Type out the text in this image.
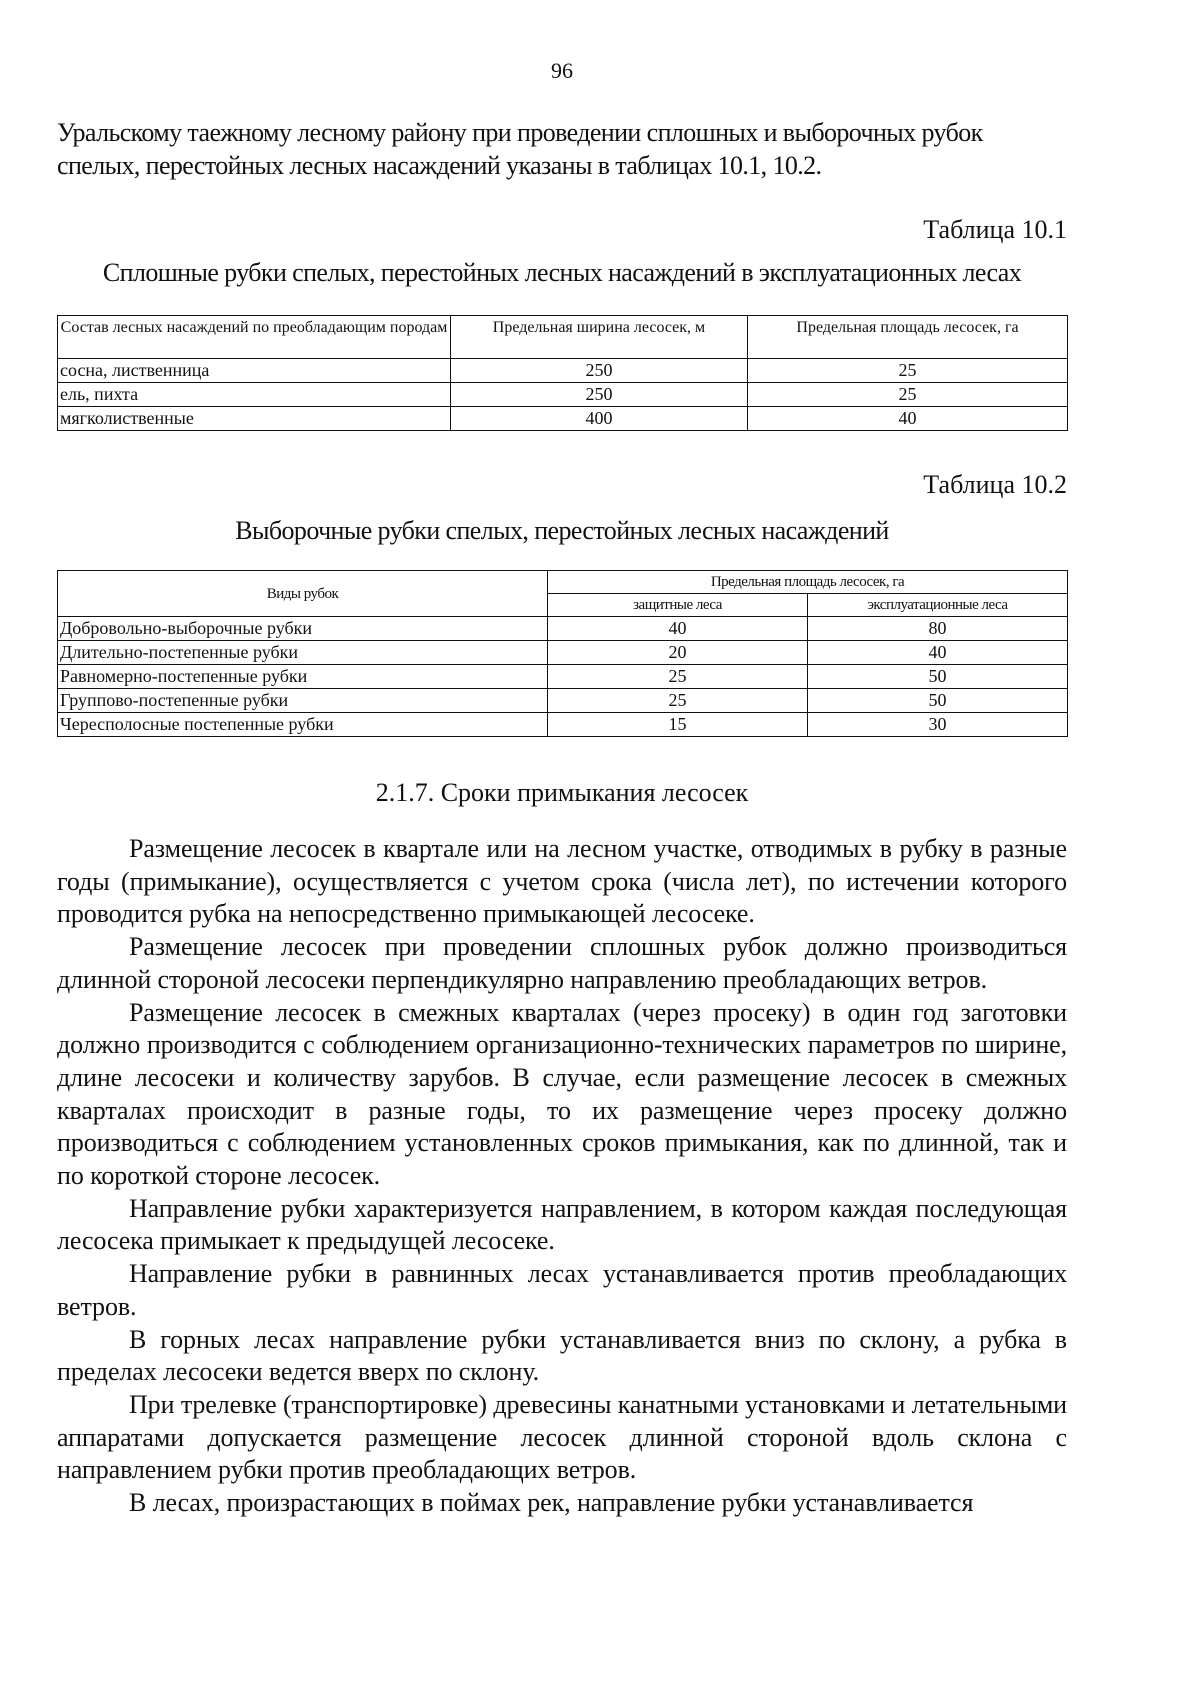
96

Уральскому таежному лесному району при проведении сплошных и выборочных рубок спелых, перестойных лесных насаждений указаны в таблицах 10.1, 10.2.

Таблица 10.1

Сплошные рубки спелых, перестойных лесных насаждений в эксплуатационных лесах

Состав лесных насаждений по преобладающим породам	Предельная ширина лесосек, м	Предельная площадь лесосек, га
сосна, лиственница	250	25
ель, пихта	250	25
мягколиственные	400	40

Таблица 10.2

Выборочные рубки спелых, перестойных лесных насаждений

Виды рубок	Предельная площадь лесосек, га	
	защитные леса	эксплуатационные леса
Добровольно-выборочные рубки	40	80
Длительно-постепенные рубки	20	40
Равномерно-постепенные рубки	25	50
Группово-постепенные рубки	25	50
Чересполосные постепенные рубки	15	30

2.1.7. Сроки примыкания лесосек

Размещение лесосек в квартале или на лесном участке, отводимых в рубку в разные годы (примыкание), осуществляется с учетом срока (числа лет), по истечении которого проводится рубка на непосредственно примыкающей лесосеке.

Размещение лесосек при проведении сплошных рубок должно производиться длинной стороной лесосеки перпендикулярно направлению преобладающих ветров.

Размещение лесосек в смежных кварталах (через просеку) в один год заготовки должно производится с соблюдением организационно-технических параметров по ширине, длине лесосеки и количеству зарубов. В случае, если размещение лесосек в смежных кварталах происходит в разные годы, то их размещение через просеку должно производиться с соблюдением установленных сроков примыкания, как по длинной, так и по короткой стороне лесосек.

Направление рубки характеризуется направлением, в котором каждая последующая лесосека примыкает к предыдущей лесосеке.

Направление рубки в равнинных лесах устанавливается против преобладающих ветров.

В горных лесах направление рубки устанавливается вниз по склону, а рубка в пределах лесосеки ведется вверх по склону.

При трелевке (транспортировке) древесины канатными установками и летательными аппаратами допускается размещение лесосек длинной стороной вдоль склона с направлением рубки против преобладающих ветров.

В лесах, произрастающих в поймах рек, направление рубки устанавливается
